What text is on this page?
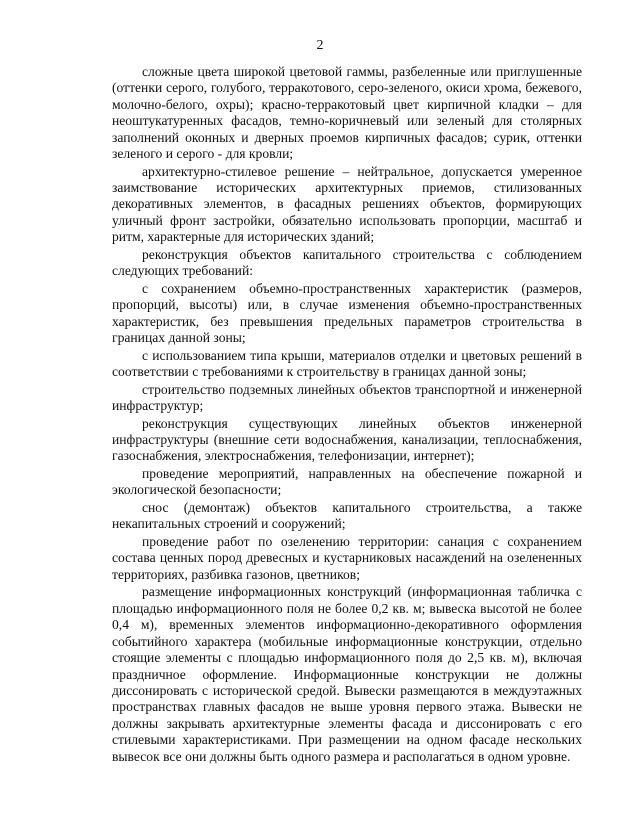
2

сложные цвета широкой цветовой гаммы, разбеленные или приглушенные (оттенки серого, голубого, терракотового, серо-зеленого, окиси хрома, бежевого, молочно-белого, охры); красно-терракотовый цвет кирпичной кладки – для неоштукатуренных фасадов, темно-коричневый или зеленый для столярных заполнений оконных и дверных проемов кирпичных фасадов; сурик, оттенки зеленого и серого - для кровли;

архитектурно-стилевое решение – нейтральное, допускается умеренное заимствование исторических архитектурных приемов, стилизованных декоративных элементов, в фасадных решениях объектов, формирующих уличный фронт застройки, обязательно использовать пропорции, масштаб и ритм, характерные для исторических зданий;

реконструкция объектов капитального строительства с соблюдением следующих требований:

с сохранением объемно-пространственных характеристик (размеров, пропорций, высоты) или, в случае изменения объемно-пространственных характеристик, без превышения предельных параметров строительства в границах данной зоны;

с использованием типа крыши, материалов отделки и цветовых решений в соответствии с требованиями к строительству в границах данной зоны;

строительство подземных линейных объектов транспортной и инженерной инфраструктур;

реконструкция существующих линейных объектов инженерной инфраструктуры (внешние сети водоснабжения, канализации, теплоснабжения, газоснабжения, электроснабжения, телефонизации, интернет);

проведение мероприятий, направленных на обеспечение пожарной и экологической безопасности;

снос (демонтаж) объектов капитального строительства, а также некапитальных строений и сооружений;

проведение работ по озеленению территории: санация с сохранением состава ценных пород древесных и кустарниковых насаждений на озелененных территориях, разбивка газонов, цветников;

размещение информационных конструкций (информационная табличка с площадью информационного поля не более 0,2 кв. м; вывеска высотой не более 0,4 м), временных элементов информационно-декоративного оформления событийного характера (мобильные информационные конструкции, отдельно стоящие элементы с площадью информационного поля до 2,5 кв. м), включая праздничное оформление. Информационные конструкции не должны диссонировать с исторической средой. Вывески размещаются в междуэтажных пространствах главных фасадов не выше уровня первого этажа. Вывески не должны закрывать архитектурные элементы фасада и диссонировать с его стилевыми характеристиками. При размещении на одном фасаде нескольких вывесок все они должны быть одного размера и располагаться в одном уровне.
